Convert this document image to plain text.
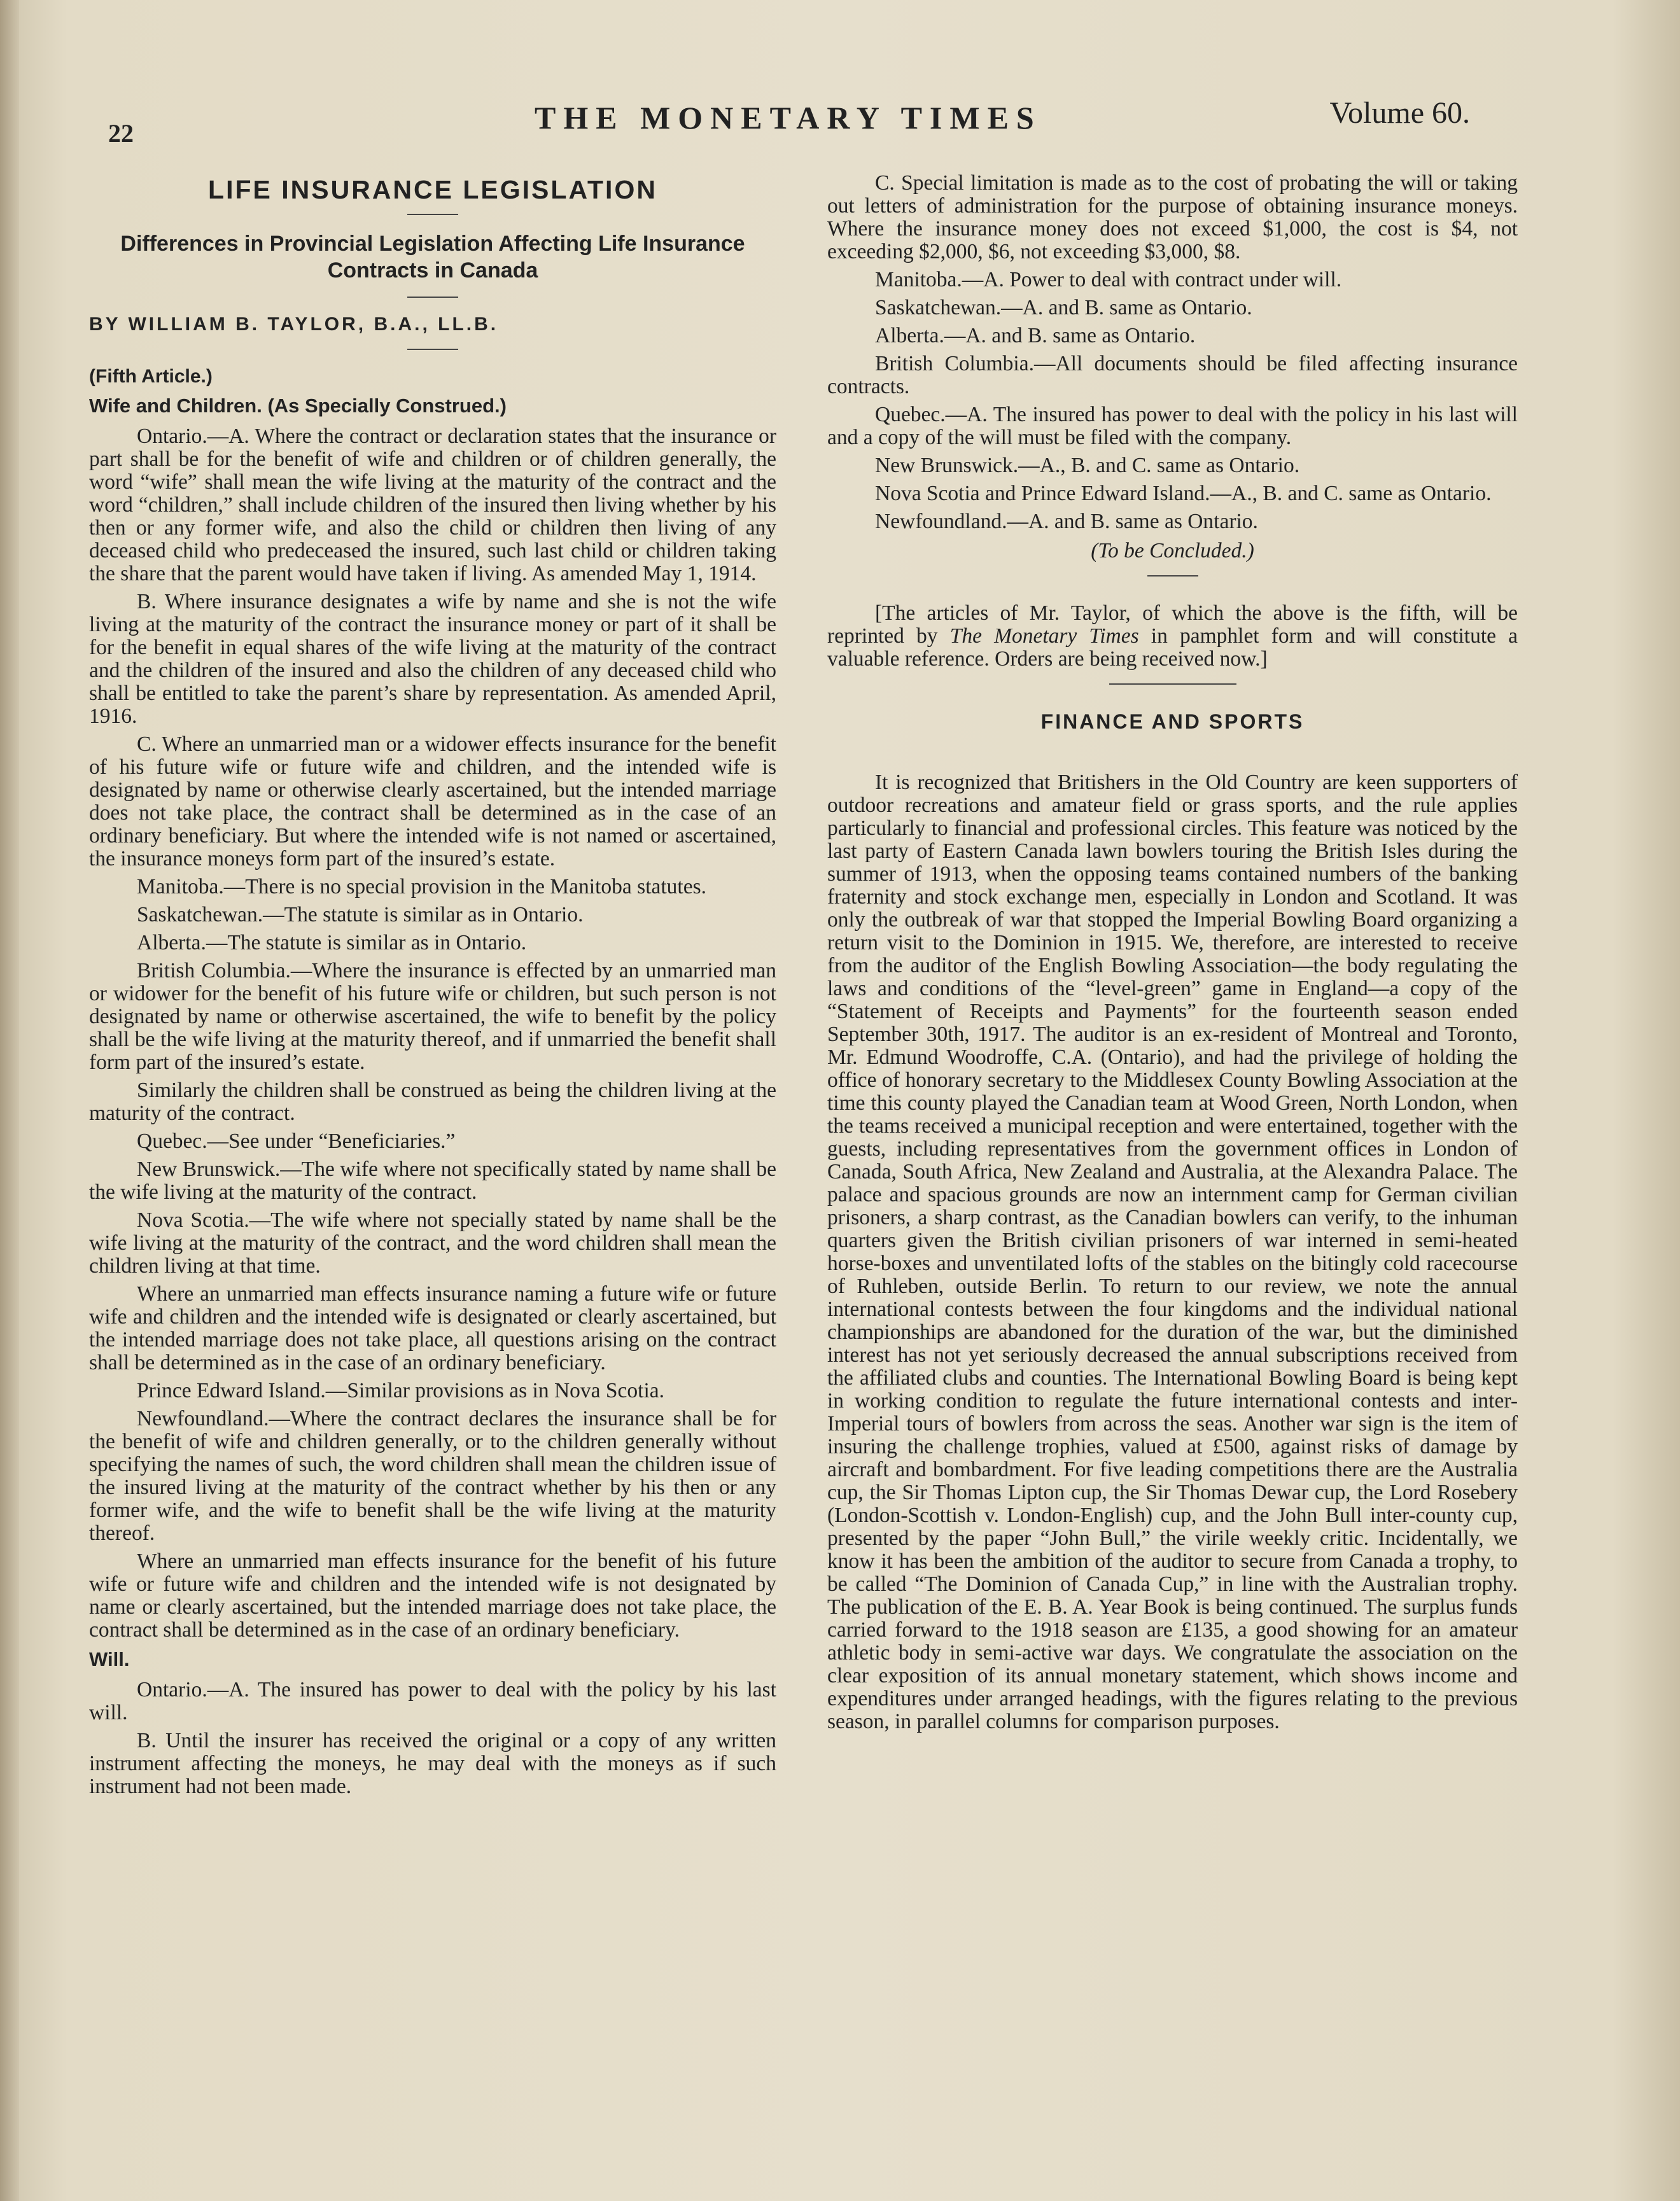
22	THE MONETARY TIMES	Volume 60.
LIFE INSURANCE LEGISLATION
Differences in Provincial Legislation Affecting Life Insurance Contracts in Canada

BY WILLIAM B. TAYLOR, B.A., LL.B.

(Fifth Article.)

Wife and Children. (As Specially Construed.)

Ontario.—A. Where the contract or declaration states that the insurance or part shall be for the benefit of wife and children or of children generally, the word “wife” shall mean the wife living at the maturity of the contract and the word “children,” shall include children of the insured then living whether by his then or any former wife, and also the child or children then living of any deceased child who predeceased the insured, such last child or children taking the share that the parent would have taken if living. As amended May 1, 1914.

B. Where insurance designates a wife by name and she is not the wife living at the maturity of the contract the insurance money or part of it shall be for the benefit in equal shares of the wife living at the maturity of the contract and the children of the insured and also the children of any deceased child who shall be entitled to take the parent’s share by representation. As amended April, 1916.

C. Where an unmarried man or a widower effects insurance for the benefit of his future wife or future wife and children, and the intended wife is designated by name or otherwise clearly ascertained, but the intended marriage does not take place, the contract shall be determined as in the case of an ordinary beneficiary. But where the intended wife is not named or ascertained, the insurance moneys form part of the insured’s estate.

Manitoba.—There is no special provision in the Manitoba statutes.

Saskatchewan.—The statute is similar as in Ontario.

Alberta.—The statute is similar as in Ontario.

British Columbia.—Where the insurance is effected by an unmarried man or widower for the benefit of his future wife or children, but such person is not designated by name or otherwise ascertained, the wife to benefit by the policy shall be the wife living at the maturity thereof, and if unmarried the benefit shall form part of the insured’s estate.

Similarly the children shall be construed as being the children living at the maturity of the contract.

Quebec.—See under “Beneficiaries.”

New Brunswick.—The wife where not specifically stated by name shall be the wife living at the maturity of the contract.

Nova Scotia.—The wife where not specially stated by name shall be the wife living at the maturity of the contract, and the word children shall mean the children living at that time.

Where an unmarried man effects insurance naming a future wife or future wife and children and the intended wife is designated or clearly ascertained, but the intended marriage does not take place, all questions arising on the contract shall be determined as in the case of an ordinary beneficiary.

Prince Edward Island.—Similar provisions as in Nova Scotia.

Newfoundland.—Where the contract declares the insurance shall be for the benefit of wife and children generally, or to the children generally without specifying the names of such, the word children shall mean the children issue of the insured living at the maturity of the contract whether by his then or any former wife, and the wife to benefit shall be the wife living at the maturity thereof.

Where an unmarried man effects insurance for the benefit of his future wife or future wife and children and the intended wife is not designated by name or clearly ascertained, but the intended marriage does not take place, the contract shall be determined as in the case of an ordinary beneficiary.

Will.

Ontario.—A. The insured has power to deal with the policy by his last will.

B. Until the insurer has received the original or a copy of any written instrument affecting the moneys, he may deal with the moneys as if such instrument had not been made.

C. Special limitation is made as to the cost of probating the will or taking out letters of administration for the purpose of obtaining insurance moneys. Where the insurance money does not exceed $1,000, the cost is $4, not exceeding $2,000, $6, not exceeding $3,000, $8.

Manitoba.—A. Power to deal with contract under will.

Saskatchewan.—A. and B. same as Ontario.

Alberta.—A. and B. same as Ontario.

British Columbia.—All documents should be filed affecting insurance contracts.

Quebec.—A. The insured has power to deal with the policy in his last will and a copy of the will must be filed with the company.

New Brunswick.—A., B. and C. same as Ontario.

Nova Scotia and Prince Edward Island.—A., B. and C. same as Ontario.

Newfoundland.—A. and B. same as Ontario.

(To be Concluded.)

[The articles of Mr. Taylor, of which the above is the fifth, will be reprinted by The Monetary Times in pamphlet form and will constitute a valuable reference. Orders are being received now.]

FINANCE AND SPORTS

It is recognized that Britishers in the Old Country are keen supporters of outdoor recreations and amateur field or grass sports, and the rule applies particularly to financial and professional circles. This feature was noticed by the last party of Eastern Canada lawn bowlers touring the British Isles during the summer of 1913, when the opposing teams contained numbers of the banking fraternity and stock exchange men, especially in London and Scotland. It was only the outbreak of war that stopped the Imperial Bowling Board organizing a return visit to the Dominion in 1915. We, therefore, are interested to receive from the auditor of the English Bowling Association—the body regulating the laws and conditions of the “level-green” game in England—a copy of the “Statement of Receipts and Payments” for the fourteenth season ended September 30th, 1917. The auditor is an ex-resident of Montreal and Toronto, Mr. Edmund Woodroffe, C.A. (Ontario), and had the privilege of holding the office of honorary secretary to the Middlesex County Bowling Association at the time this county played the Canadian team at Wood Green, North London, when the teams received a municipal reception and were entertained, together with the guests, including representatives from the government offices in London of Canada, South Africa, New Zealand and Australia, at the Alexandra Palace. The palace and spacious grounds are now an internment camp for German civilian prisoners, a sharp contrast, as the Canadian bowlers can verify, to the inhuman quarters given the British civilian prisoners of war interned in semi-heated horse-boxes and unventilated lofts of the stables on the bitingly cold racecourse of Ruhleben, outside Berlin. To return to our review, we note the annual international contests between the four kingdoms and the individual national championships are abandoned for the duration of the war, but the diminished interest has not yet seriously decreased the annual subscriptions received from the affiliated clubs and counties. The International Bowling Board is being kept in working condition to regulate the future international contests and inter-Imperial tours of bowlers from across the seas. Another war sign is the item of insuring the challenge trophies, valued at £500, against risks of damage by aircraft and bombardment. For five leading competitions there are the Australia cup, the Sir Thomas Lipton cup, the Sir Thomas Dewar cup, the Lord Rosebery (London-Scottish v. London-English) cup, and the John Bull inter-county cup, presented by the paper “John Bull,” the virile weekly critic. Incidentally, we know it has been the ambition of the auditor to secure from Canada a trophy, to be called “The Dominion of Canada Cup,” in line with the Australian trophy. The publication of the E. B. A. Year Book is being continued. The surplus funds carried forward to the 1918 season are £135, a good showing for an amateur athletic body in semi-active war days. We congratulate the association on the clear exposition of its annual monetary statement, which shows income and expenditures under arranged headings, with the figures relating to the previous season, in parallel columns for comparison purposes.
